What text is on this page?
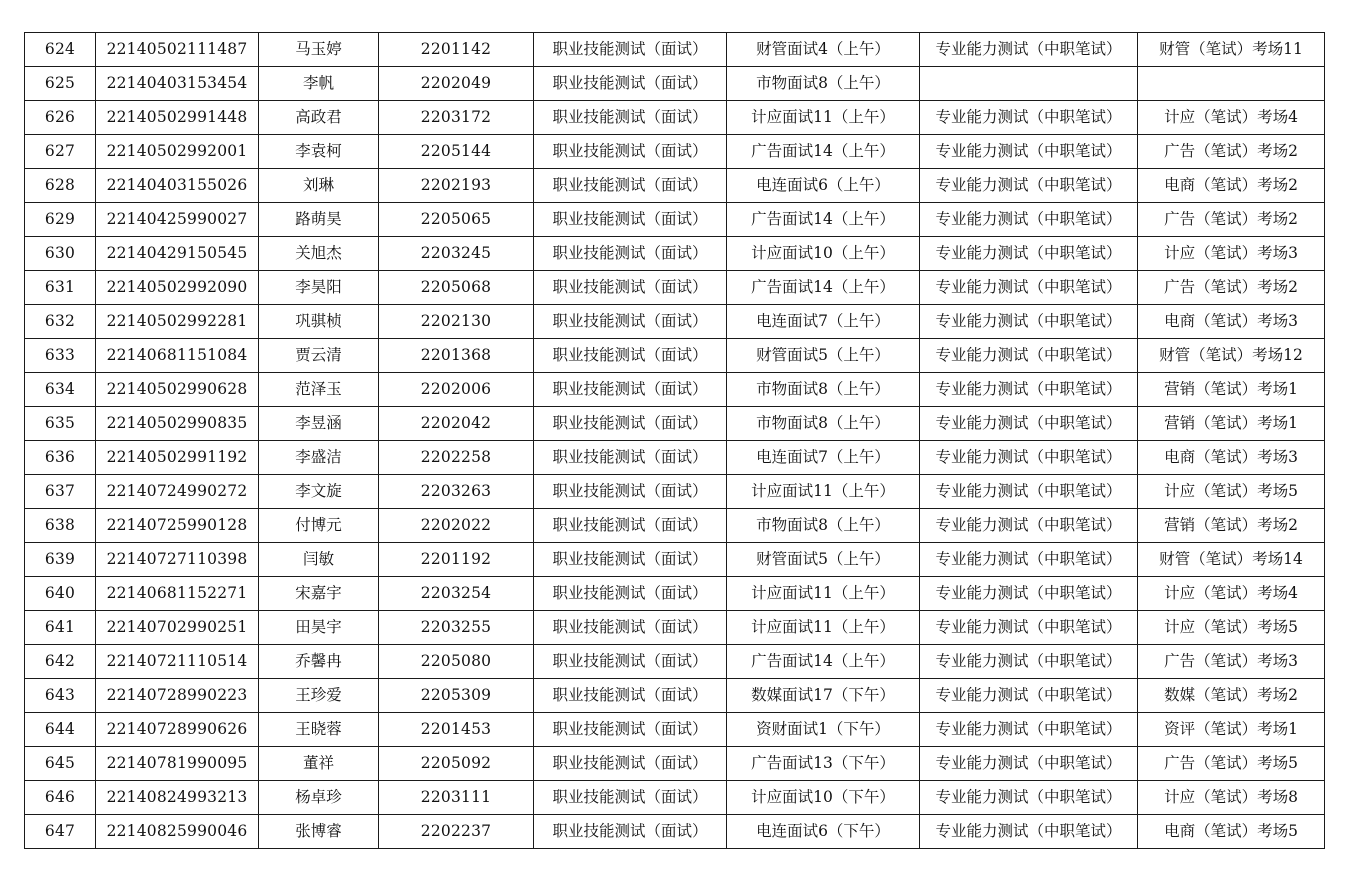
624	22140502111487	马玉婷	2201142	职业技能测试（面试）	财管面试4（上午）	专业能力测试（中职笔试）	财管（笔试）考场11
625	22140403153454	李帆	2202049	职业技能测试（面试）	市物面试8（上午）		
626	22140502991448	高政君	2203172	职业技能测试（面试）	计应面试11（上午）	专业能力测试（中职笔试）	计应（笔试）考场4
627	22140502992001	李袁柯	2205144	职业技能测试（面试）	广告面试14（上午）	专业能力测试（中职笔试）	广告（笔试）考场2
628	22140403155026	刘琳	2202193	职业技能测试（面试）	电连面试6（上午）	专业能力测试（中职笔试）	电商（笔试）考场2
629	22140425990027	路萌昊	2205065	职业技能测试（面试）	广告面试14（上午）	专业能力测试（中职笔试）	广告（笔试）考场2
630	22140429150545	关旭杰	2203245	职业技能测试（面试）	计应面试10（上午）	专业能力测试（中职笔试）	计应（笔试）考场3
631	22140502992090	李昊阳	2205068	职业技能测试（面试）	广告面试14（上午）	专业能力测试（中职笔试）	广告（笔试）考场2
632	22140502992281	巩骐桢	2202130	职业技能测试（面试）	电连面试7（上午）	专业能力测试（中职笔试）	电商（笔试）考场3
633	22140681151084	贾云清	2201368	职业技能测试（面试）	财管面试5（上午）	专业能力测试（中职笔试）	财管（笔试）考场12
634	22140502990628	范泽玉	2202006	职业技能测试（面试）	市物面试8（上午）	专业能力测试（中职笔试）	营销（笔试）考场1
635	22140502990835	李昱涵	2202042	职业技能测试（面试）	市物面试8（上午）	专业能力测试（中职笔试）	营销（笔试）考场1
636	22140502991192	李盛洁	2202258	职业技能测试（面试）	电连面试7（上午）	专业能力测试（中职笔试）	电商（笔试）考场3
637	22140724990272	李文旋	2203263	职业技能测试（面试）	计应面试11（上午）	专业能力测试（中职笔试）	计应（笔试）考场5
638	22140725990128	付博元	2202022	职业技能测试（面试）	市物面试8（上午）	专业能力测试（中职笔试）	营销（笔试）考场2
639	22140727110398	闫敏	2201192	职业技能测试（面试）	财管面试5（上午）	专业能力测试（中职笔试）	财管（笔试）考场14
640	22140681152271	宋嘉宇	2203254	职业技能测试（面试）	计应面试11（上午）	专业能力测试（中职笔试）	计应（笔试）考场4
641	22140702990251	田昊宇	2203255	职业技能测试（面试）	计应面试11（上午）	专业能力测试（中职笔试）	计应（笔试）考场5
642	22140721110514	乔馨冉	2205080	职业技能测试（面试）	广告面试14（上午）	专业能力测试（中职笔试）	广告（笔试）考场3
643	22140728990223	王珍爱	2205309	职业技能测试（面试）	数媒面试17（下午）	专业能力测试（中职笔试）	数媒（笔试）考场2
644	22140728990626	王晓蓉	2201453	职业技能测试（面试）	资财面试1（下午）	专业能力测试（中职笔试）	资评（笔试）考场1
645	22140781990095	董祥	2205092	职业技能测试（面试）	广告面试13（下午）	专业能力测试（中职笔试）	广告（笔试）考场5
646	22140824993213	杨卓珍	2203111	职业技能测试（面试）	计应面试10（下午）	专业能力测试（中职笔试）	计应（笔试）考场8
647	22140825990046	张博睿	2202237	职业技能测试（面试）	电连面试6（下午）	专业能力测试（中职笔试）	电商（笔试）考场5
